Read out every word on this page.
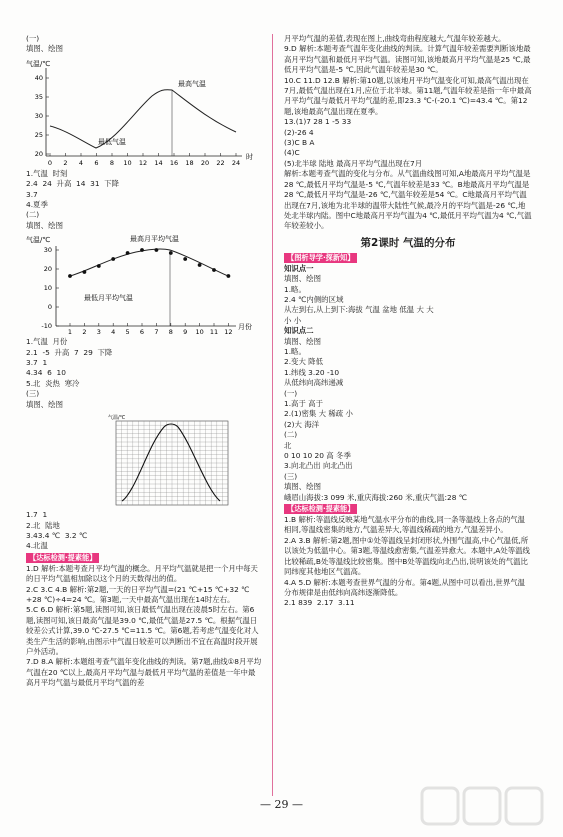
(一)
填图、绘图
气温/℃
40
35
30
25
20
0 2 4 6 8 10 12 14 16 18 20 22 24
最高气温
最低气温
时
1.气温  时刻
2.4  24  升高  14  31  下降
3.7
4.夏季
(二)
填图、绘图
气温/℃	最高月平均气温
30
20
10
0
-10
1 2 3 4 5 6 7 8 9 10 11 12
最低月平均气温
月份
1.气温  月份
2.1  -5  升高  7  29  下降
3.7  1
4.34  6  10
5.北  炎热  寒冷
(三)
填图、绘图
气温/℃
1.7  1
2.北  陆地
3.43.4 ℃  3.2 ℃
4.北温
【达标检测·提素能】
1.D 解析:本题考查月平均气温的概念。月平均气温就是把一个月中每天的日平均气温相加除以这个月的天数得出的值。
2.C 3.C 4.B 解析:第2题,一天的日平均气温=(21 ℃+15 ℃+32 ℃+28 ℃)÷4=24 ℃。第3题,一天中最高气温出现在14时左右。
5.C 6.D 解析:第5题,读图可知,该日最低气温出现在凌晨5时左右。第6题,读图可知,该日最高气温是39.0 ℃,最低气温是27.5 ℃。根据气温日较差公式计算,39.0 ℃-27.5 ℃=11.5 ℃。第6题,若考虑气温变化对人类生产生活的影响,由图示中气温日较差可以判断出不宜在高温时段开展户外活动。
7.D 8.A 解析:本题组考查气温年变化曲线的判读。第7题,曲线①8月平均气温在20 ℃以上,最高月平均气温与最低月平均气温的差值是一年中最高月平均气温与最低月平均气温的差
月平均气温的差值,表现在图上,曲线弯曲程度越大,气温年较差越大。
9.D 解析:本题考查气温年变化曲线的判读。计算气温年较差需要判断该地最高月平均气温和最低月平均气温。读图可知,该地最高月平均气温是25 ℃,最低月平均气温是-5 ℃,因此气温年较差是30 ℃。
10.C 11.D 12.B 解析:第10题,以该地月平均气温变化可知,最高气温出现在7月,最低气温出现在1月,应位于北半球。第11题,气温年较差是指一年中最高月平均气温与最低月平均气温的差,即23.3 ℃-(-20.1 ℃)=43.4 ℃。第12题,该地最高气温出现在夏季。
13.(1)7 28 1 -5 33
(2)-26 4
(3)C B A
(4)C
(5)北半球 陆地 最高月平均气温出现在7月
解析:本题考查气温的变化与分布。从气温曲线图可知,A地最高月平均气温是28 ℃,最低月平均气温是-5 ℃,气温年较差是33 ℃。B地最高月平均气温是28 ℃,最低月平均气温是-26 ℃,气温年较差是54 ℃。C地最高月平均气温出现在7月,该地为北半球的温带大陆性气候,最冷月的平均气温是-26 ℃,地处北半球内陆。图中C地最高月平均气温为4 ℃,最低月平均气温为4 ℃,气温年较差较小。
第2课时 气温的分布
【图析导学·探新知】
知识点一
填图、绘图
1.略。
2.4 ℃内侧的区域
从左到右,从上到下:海拔 气温 盆地 低温 大 大
小 小
知识点二
填图、绘图
1.略。
2.变大 降低
1.纬线 3.20 -10
从低纬向高纬递减
(一)
1.高于 高于
2.(1)密集 大 稀疏 小
(2)大 海洋
(二)
北
0 10 10 20 高 冬季
3.向北凸出 向北凸出
(三)
填图、绘图
峨眉山海拔:3 099 米,重庆海拔:260 米,重庆气温:28 ℃
【达标检测·提素能】
1.B 解析:等温线反映某地气温水平分布的曲线,同一条等温线上各点的气温相同,等温线密集的地方,气温差异大,等温线稀疏的地方,气温差异小。
2.A 3.B 解析:第2题,图中①处等温线呈封闭形状,外围气温高,中心气温低,所以该处为低温中心。第3题,等温线愈密集,气温差异愈大。本题中,A处等温线比较稀疏,B处等温线比较密集。图中B处等温线向北凸出,说明该处的气温比同纬度其他地区气温高。
4.A 5.D 解析:本题考查世界气温的分布。第4题,从图中可以看出,世界气温分布规律是由低纬向高纬逐渐降低。
2.1 839  2.17  3.11
— 29 —
